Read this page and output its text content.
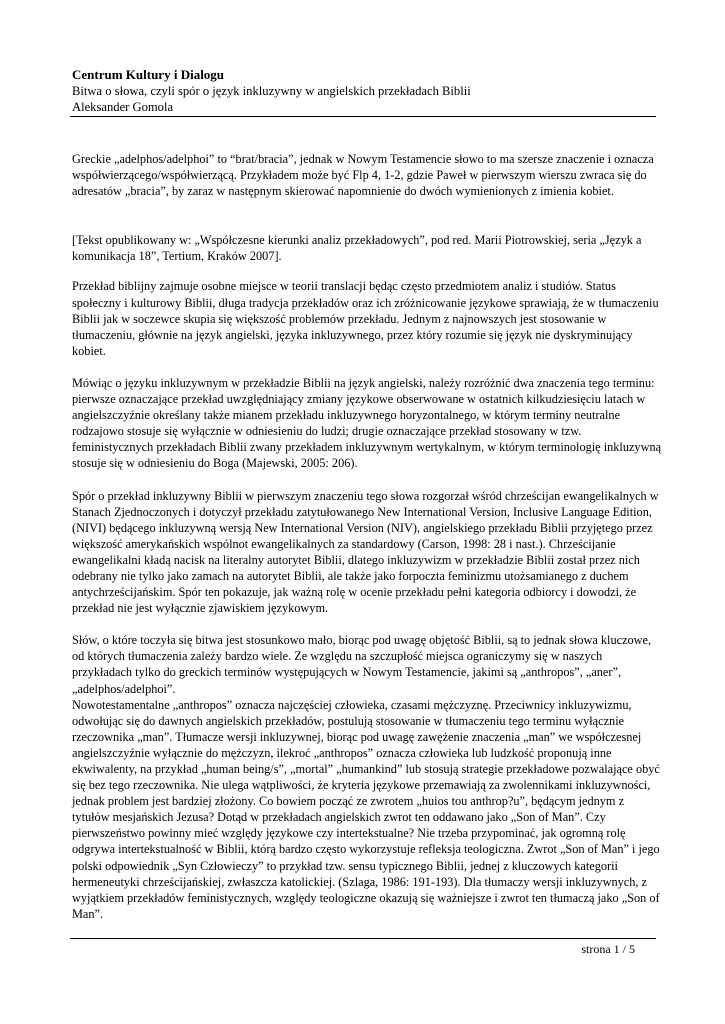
Centrum Kultury i Dialogu
Bitwa o słowa, czyli spór o język inkluzywny w angielskich przekładach Biblii
Aleksander Gomola

Greckie „adelphos/adelphoi” to “brat/bracia”, jednak w Nowym Testamencie słowo to ma szersze znaczenie i oznacza współwierzącego/współwierzącą. Przykładem może być Flp 4, 1-2, gdzie Paweł w pierwszym wierszu zwraca się do adresatów „bracia”, by zaraz w następnym skierować napomnienie do dwóch wymienionych z imienia kobiet.

[Tekst opublikowany w: „Współczesne kierunki analiz przekładowych”, pod red. Marii Piotrowskiej, seria „Język a komunikacja 18”, Tertium, Kraków 2007].

Przekład biblijny zajmuje osobne miejsce w teorii translacji będąc często przedmiotem analiz i studiów. Status społeczny i kulturowy Biblii, długa tradycja przekładów oraz ich zróżnicowanie językowe sprawiają, że w tłumaczeniu Biblii jak w soczewce skupia się większość problemów przekładu. Jednym z najnowszych jest stosowanie w tłumaczeniu, głównie na język angielski, języka inkluzywnego, przez który rozumie się język nie dyskryminujący kobiet.

Mówiąc o języku inkluzywnym w przekładzie Biblii na język angielski, należy rozróżnić dwa znaczenia tego terminu: pierwsze oznaczające przekład uwzględniający zmiany językowe obserwowane w ostatnich kilkudziesięciu latach w angielszczyźnie określany także mianem przekładu inkluzywnego horyzontalnego, w którym terminy neutralne rodzajowo stosuje się wyłącznie w odniesieniu do ludzi; drugie oznaczające przekład stosowany w tzw. feministycznych przekładach Biblii zwany przekładem inkluzywnym wertykalnym, w którym terminologię inkluzywną stosuje się w odniesieniu do Boga (Majewski, 2005: 206).

Spór o przekład inkluzywny Biblii w pierwszym znaczeniu tego słowa rozgorzał wśród chrześcijan ewangelikalnych w Stanach Zjednoczonych i dotyczył przekładu zatytułowanego New International Version, Inclusive Language Edition, (NIVI) będącego inkluzywną wersją New International Version (NIV), angielskiego przekładu Biblii przyjętego przez większość amerykańskich wspólnot ewangelikalnych za standardowy (Carson, 1998: 28 i nast.). Chrześcijanie ewangelikalni kładą nacisk na literalny autorytet Biblii, dlatego inkluzywizm w przekładzie Biblii został przez nich odebrany nie tylko jako zamach na autorytet Biblii, ale także jako forpoczta feminizmu utożsamianego z duchem antychrześcijańskim. Spór ten pokazuje, jak ważną rolę w ocenie przekładu pełni kategoria odbiorcy i dowodzi, że przekład nie jest wyłącznie zjawiskiem językowym.

Słów, o które toczyła się bitwa jest stosunkowo mało, biorąc pod uwagę objętość Biblii, są to jednak słowa kluczowe, od których tłumaczenia zależy bardzo wiele. Ze względu na szczupłość miejsca ograniczymy się w naszych przykładach tylko do greckich terminów występujących w Nowym Testamencie, jakimi są „anthropos”, „aner”, „adelphos/adelphoi”.

Nowotestamentalne „anthropos” oznacza najczęściej człowieka, czasami mężczyznę. Przeciwnicy inkluzywizmu, odwołując się do dawnych angielskich przekładów, postulują stosowanie w tłumaczeniu tego terminu wyłącznie rzeczownika „man”. Tłumacze wersji inkluzywnej, biorąc pod uwagę zawężenie znaczenia „man” we współczesnej angielszczyźnie wyłącznie do mężczyzn, ilekroć „anthropos” oznacza człowieka lub ludzkość proponują inne ekwiwalenty, na przykład „human being/s”, „mortal” „humankind” lub stosują strategie przekładowe pozwalające obyć się bez tego rzeczownika. Nie ulega wątpliwości, że kryteria językowe przemawiają za zwolennikami inkluzywności, jednak problem jest bardziej złożony. Co bowiem począć ze zwrotem „huios tou anthrop?u”, będącym jednym z tytułów mesjańskich Jezusa? Dotąd w przekładach angielskich zwrot ten oddawano jako „Son of Man”. Czy pierwszeństwo powinny mieć względy językowe czy intertekstualne? Nie trzeba przypominać, jak ogromną rolę odgrywa intertekstualność w Biblii, którą bardzo często wykorzystuje refleksja teologiczna. Zwrot „Son of Man” i jego polski odpowiednik „Syn Człowieczy” to przykład tzw. sensu typicznego Biblii, jednej z kluczowych kategorii hermeneutyki chrześcijańskiej, zwłaszcza katolickiej. (Szlaga, 1986: 191-193). Dla tłumaczy wersji inkluzywnych, z wyjątkiem przekładów feministycznych, względy teologiczne okazują się ważniejsze i zwrot ten tłumaczą jako „Son of Man”.

strona 1 / 5
